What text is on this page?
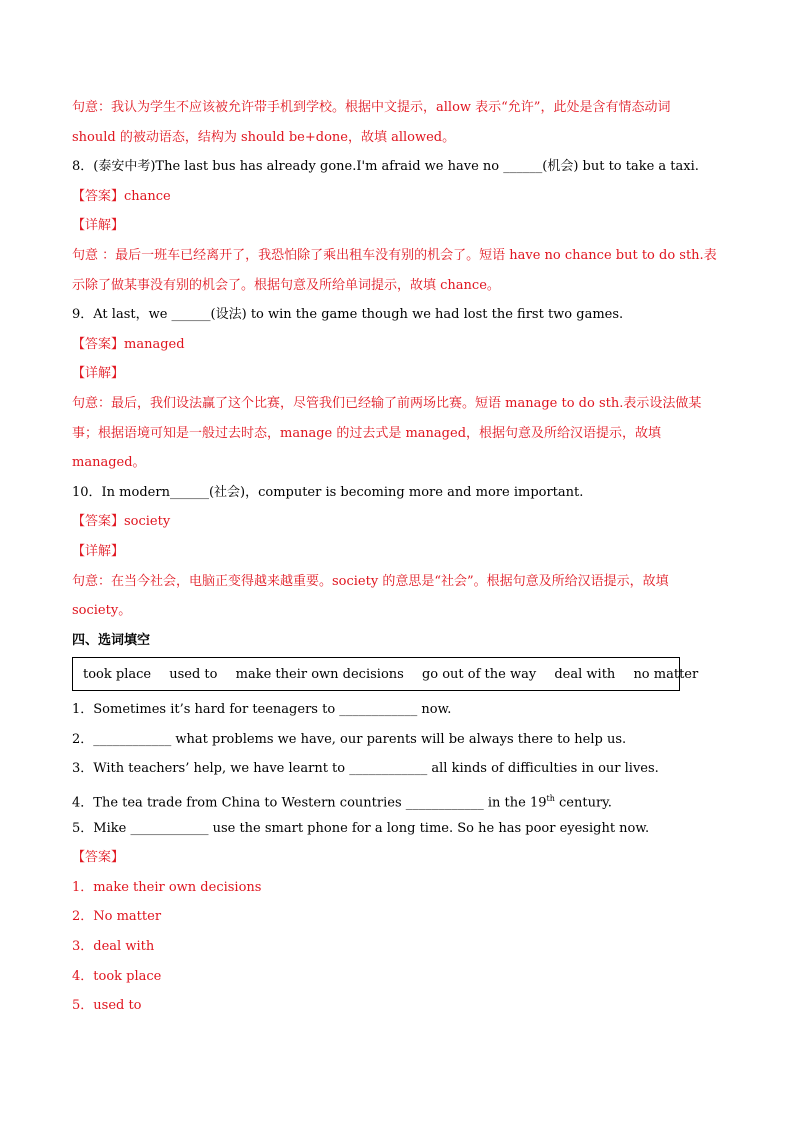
句意：我认为学生不应该被允许带手机到学校。根据中文提示，allow 表示“允许”，此处是含有情态动词
should 的被动语态，结构为 should be+done，故填 allowed。
8．(泰安中考)The last bus has already gone.I'm afraid we have no ______(机会) but to take a taxi.
【答案】chance
【详解】
句意 ：最后一班车已经离开了，我恐怕除了乘出租车没有别的机会了。短语 have no chance but to do sth.表
示除了做某事没有别的机会了。根据句意及所给单词提示，故填 chance。
9．At last，we ______(设法) to win the game though we had lost the first two games.
【答案】managed
【详解】
句意：最后，我们设法赢了这个比赛，尽管我们已经输了前两场比赛。短语 manage to do sth.表示设法做某
事；根据语境可知是一般过去时态，manage 的过去式是 managed，根据句意及所给汉语提示，故填
managed。
10．In modern______(社会)，computer is becoming more and more important.
【答案】society
【详解】
句意：在当今社会，电脑正变得越来越重要。society 的意思是“社会”。根据句意及所给汉语提示，故填
society。
四、选词填空
took place used to make their own decisions go out of the way deal with no matter
1．Sometimes it’s hard for teenagers to ____________ now.
2．____________ what problems we have, our parents will be always there to help us.
3．With teachers’ help, we have learnt to ____________ all kinds of difficulties in our lives.
4．The tea trade from China to Western countries ____________ in the 19th century.
5．Mike ____________ use the smart phone for a long time. So he has poor eyesight now.
【答案】
1．make their own decisions
2．No matter
3．deal with
4．took place
5．used to
